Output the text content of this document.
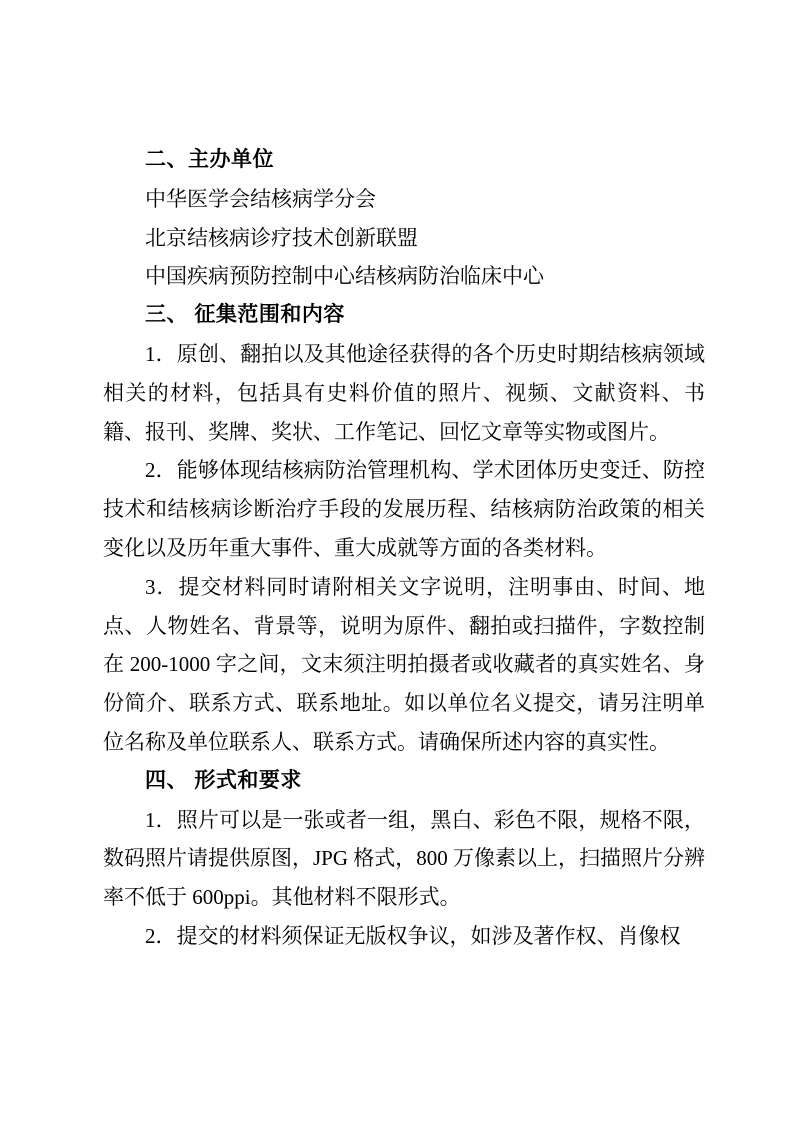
二、主办单位

中华医学会结核病学分会

北京结核病诊疗技术创新联盟

中国疾病预防控制中心结核病防治临床中心

三、 征集范围和内容

1．原创、翻拍以及其他途径获得的各个历史时期结核病领域相关的材料，包括具有史料价值的照片、视频、文献资料、书籍、报刊、奖牌、奖状、工作笔记、回忆文章等实物或图片。

2．能够体现结核病防治管理机构、学术团体历史变迁、防控技术和结核病诊断治疗手段的发展历程、结核病防治政策的相关变化以及历年重大事件、重大成就等方面的各类材料。

3．提交材料同时请附相关文字说明，注明事由、时间、地点、人物姓名、背景等，说明为原件、翻拍或扫描件，字数控制在 200-1000 字之间，文末须注明拍摄者或收藏者的真实姓名、身份简介、联系方式、联系地址。如以单位名义提交，请另注明单位名称及单位联系人、联系方式。请确保所述内容的真实性。

四、 形式和要求

1．照片可以是一张或者一组，黑白、彩色不限，规格不限，数码照片请提供原图，JPG 格式，800 万像素以上，扫描照片分辨率不低于 600ppi。其他材料不限形式。

2．提交的材料须保证无版权争议，如涉及著作权、肖像权
